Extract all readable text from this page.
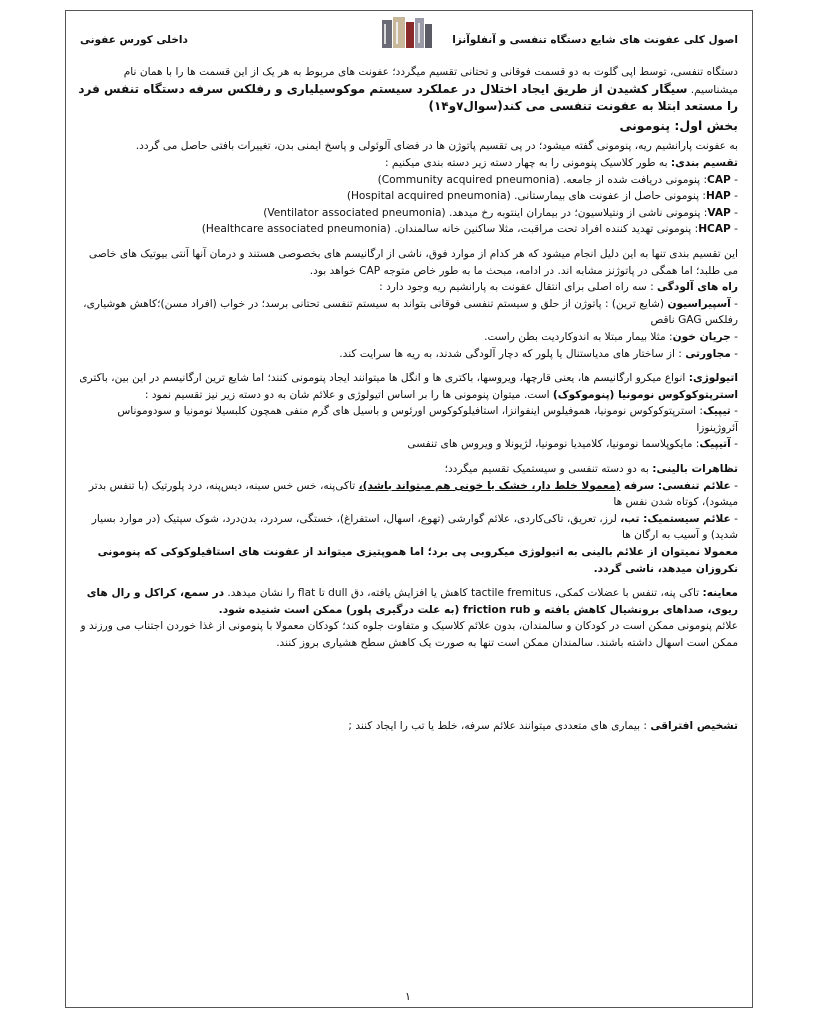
اصول کلی عفونت های شایع دستگاه تنفسی و آنفلوآنزا
داخلی کورس عفونی

دستگاه تنفسی، توسط اپی گلوت به دو قسمت فوقانی و تحتانی تقسیم میگردد؛ عفونت های مربوط به هر یک از این قسمت ها را با همان نام میشناسیم. سیگار کشیدن از طریق ایجاد اختلال در عملکرد سیستم موکوسیلیاری و رفلکس سرفه دستگاه تنفس فرد را مستعد ابتلا به عفونت تنفسی می کند(سوال۷و۱۴)

بخش اول: پنومونی

به عفونت پارانشیم ریه، پنومونی گفته میشود؛ در پی تقسیم پاتوژن ها در فضای آلوئولی و پاسخ ایمنی بدن، تغییرات بافتی حاصل می گردد.

تقسیم بندی: به طور کلاسیک پنومونی را به چهار دسته زیر دسته بندی میکنیم :

- CAP: پنومونی دریافت شده از جامعه. (Community acquired pneumonia)

- HAP: پنومونی حاصل از عفونت های بیمارستانی. (Hospital acquired pneumonia)

- VAP: پنومونی ناشی از ونتیلاسیون؛ در بیماران اینتوبه رخ میدهد. (Ventilator associated pneumonia)

- HCAP: پنومونی تهدید کننده افراد تحت مراقبت، مثلا ساکنین خانه سالمندان. (Healthcare associated pneumonia)

این تقسیم بندی تنها به این دلیل انجام میشود که هر کدام از موارد فوق، ناشی از ارگانیسم های بخصوصی هستند و درمان آنها آنتی بیوتیک های خاصی می طلبد؛ اما همگی در پاتوژنز مشابه اند. در ادامه، مبحث ما به طور خاص متوجه CAP خواهد بود.

راه های آلودگی : سه راه اصلی برای انتقال عفونت به پارانشیم ریه وجود دارد :

- آسپیراسیون (شایع ترین) : پاتوژن از حلق و سیستم تنفسی فوقانی بتواند به سیستم تنفسی تحتانی برسد؛ در خواب (افراد مسن)؛کاهش هوشیاری، رفلکس GAG ناقص

- جریان خون: مثلا بیمار مبتلا به اندوکاردیت بطن راست.

- مجاورتی : از ساختار های مدیاستنال یا پلور که دچار آلودگی شدند، به ریه ها سرایت کند.

اتیولوژی: انواع میکرو ارگانیسم ها، یعنی قارچها، ویروسها، باکتری ها و انگل ها میتوانند ایجاد پنومونی کنند؛ اما شایع ترین ارگانیسم در این بین، باکتری استرپتوکوکوس نومونیا (پنوموکوک) است. میتوان پنومونی ها را بر اساس اتیولوژی و علائم شان به دو دسته زیر نیز تقسیم نمود :

- تیپیک: استرپتوکوکوس نومونیا، هموفیلوس اینفوانزا، استافیلوکوکوس اورئوس و باسیل های گرم منفی همچون کلبسیلا نومونیا و سودوموناس آئروژینوزا

- آتیپیک: مایکوپلاسما نومونیا، کلامیدیا نومونیا، لژیونلا و ویروس های تنفسی

تظاهرات بالینی: به دو دسته تنفسی و سیستمیک تقسیم میگردد؛

- علائم تنفسی: سرفه (معمولا خلط دار، خشک یا خونی هم میتواند باشد)، تاکی‌پنه، خس خس سینه، دیس‌پنه، درد پلورتیک (با تنفس بدتر میشود)، کوتاه شدن نفس ها

- علائم سیستمیک: تب، لرز، تعریق، تاکی‌کاردی، علائم گوارشی (تهوع، اسهال، استفراغ)، خستگی، سردرد، بدن‌درد، شوک سپتیک (در موارد بسیار شدید) و آسیب به ارگان ها

معمولا نمیتوان از علائم بالینی به اتیولوژی میکروبی پی برد؛ اما هموپتیزی میتواند از عفونت های استافیلوکوکی که پنومونی نکروزان میدهد، ناشی گردد.

معاینه: تاکی پنه، تنفس با عضلات کمکی، tactile fremitus کاهش یا افزایش یافته، دق dull تا flat را نشان میدهد. در سمع، کراکل و رال های ریوی، صداهای برونشیال کاهش یافته و friction rub (به علت درگیری پلور) ممکن است شنیده شود.

علائم پنومونی ممکن است در کودکان و سالمندان، بدون علائم کلاسیک و متفاوت جلوه کند؛ کودکان معمولا با پنومونی از غذا خوردن اجتناب می ورزند و ممکن است اسهال داشته باشند. سالمندان ممکن است تنها به صورت یک کاهش سطح هشیاری بروز کنند.

تشخیص افتراقی : بیماری های متعددی میتوانند علائم سرفه، خلط یا تب را ایجاد کنند ;

۱
